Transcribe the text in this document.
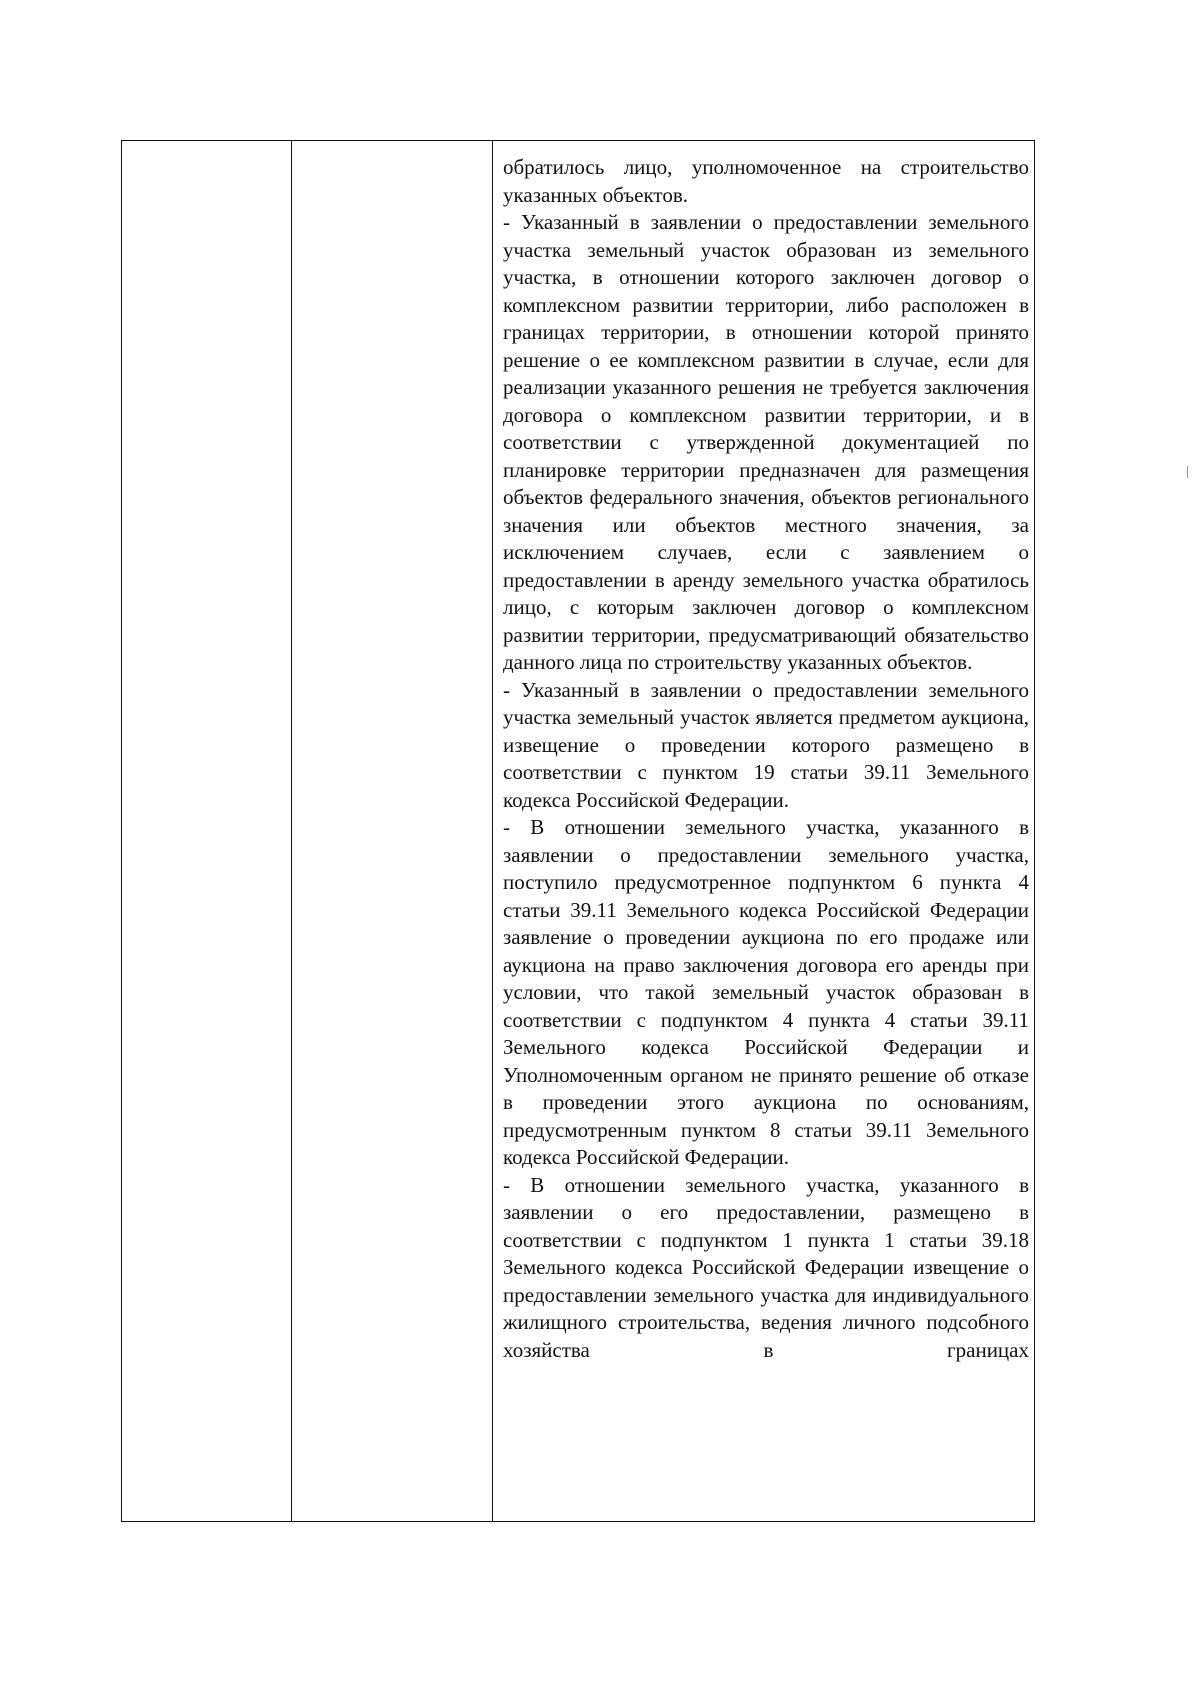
обратилось лицо, уполномоченное на строительство указанных объектов.

- Указанный в заявлении о предоставлении земельного участка земельный участок образован из земельного участка, в отношении которого заключен договор о комплексном развитии территории, либо расположен в границах территории, в отношении которой принято решение о ее комплексном развитии в случае, если для реализации указанного решения не требуется заключения договора о комплексном развитии территории, и в соответствии с утвержденной документацией по планировке территории предназначен для размещения объектов федерального значения, объектов регионального значения или объектов местного значения, за исключением случаев, если с заявлением о предоставлении в аренду земельного участка обратилось лицо, с которым заключен договор о комплексном развитии территории, предусматривающий обязательство данного лица по строительству указанных объектов.

- Указанный в заявлении о предоставлении земельного участка земельный участок является предметом аукциона, извещение о проведении которого размещено в соответствии с пунктом 19 статьи 39.11 Земельного кодекса Российской Федерации.

- В отношении земельного участка, указанного в заявлении о предоставлении земельного участка, поступило предусмотренное подпунктом 6 пункта 4 статьи 39.11 Земельного кодекса Российской Федерации заявление о проведении аукциона по его продаже или аукциона на право заключения договора его аренды при условии, что такой земельный участок образован в соответствии с подпунктом 4 пункта 4 статьи 39.11 Земельного кодекса Российской Федерации и Уполномоченным органом не принято решение об отказе в проведении этого аукциона по основаниям, предусмотренным пунктом 8 статьи 39.11 Земельного кодекса Российской Федерации.

- В отношении земельного участка, указанного в заявлении о его предоставлении, размещено в соответствии с подпунктом 1 пункта 1 статьи 39.18 Земельного кодекса Российской Федерации извещение о предоставлении земельного участка для индивидуального жилищного строительства, ведения личного подсобного хозяйства в границах
